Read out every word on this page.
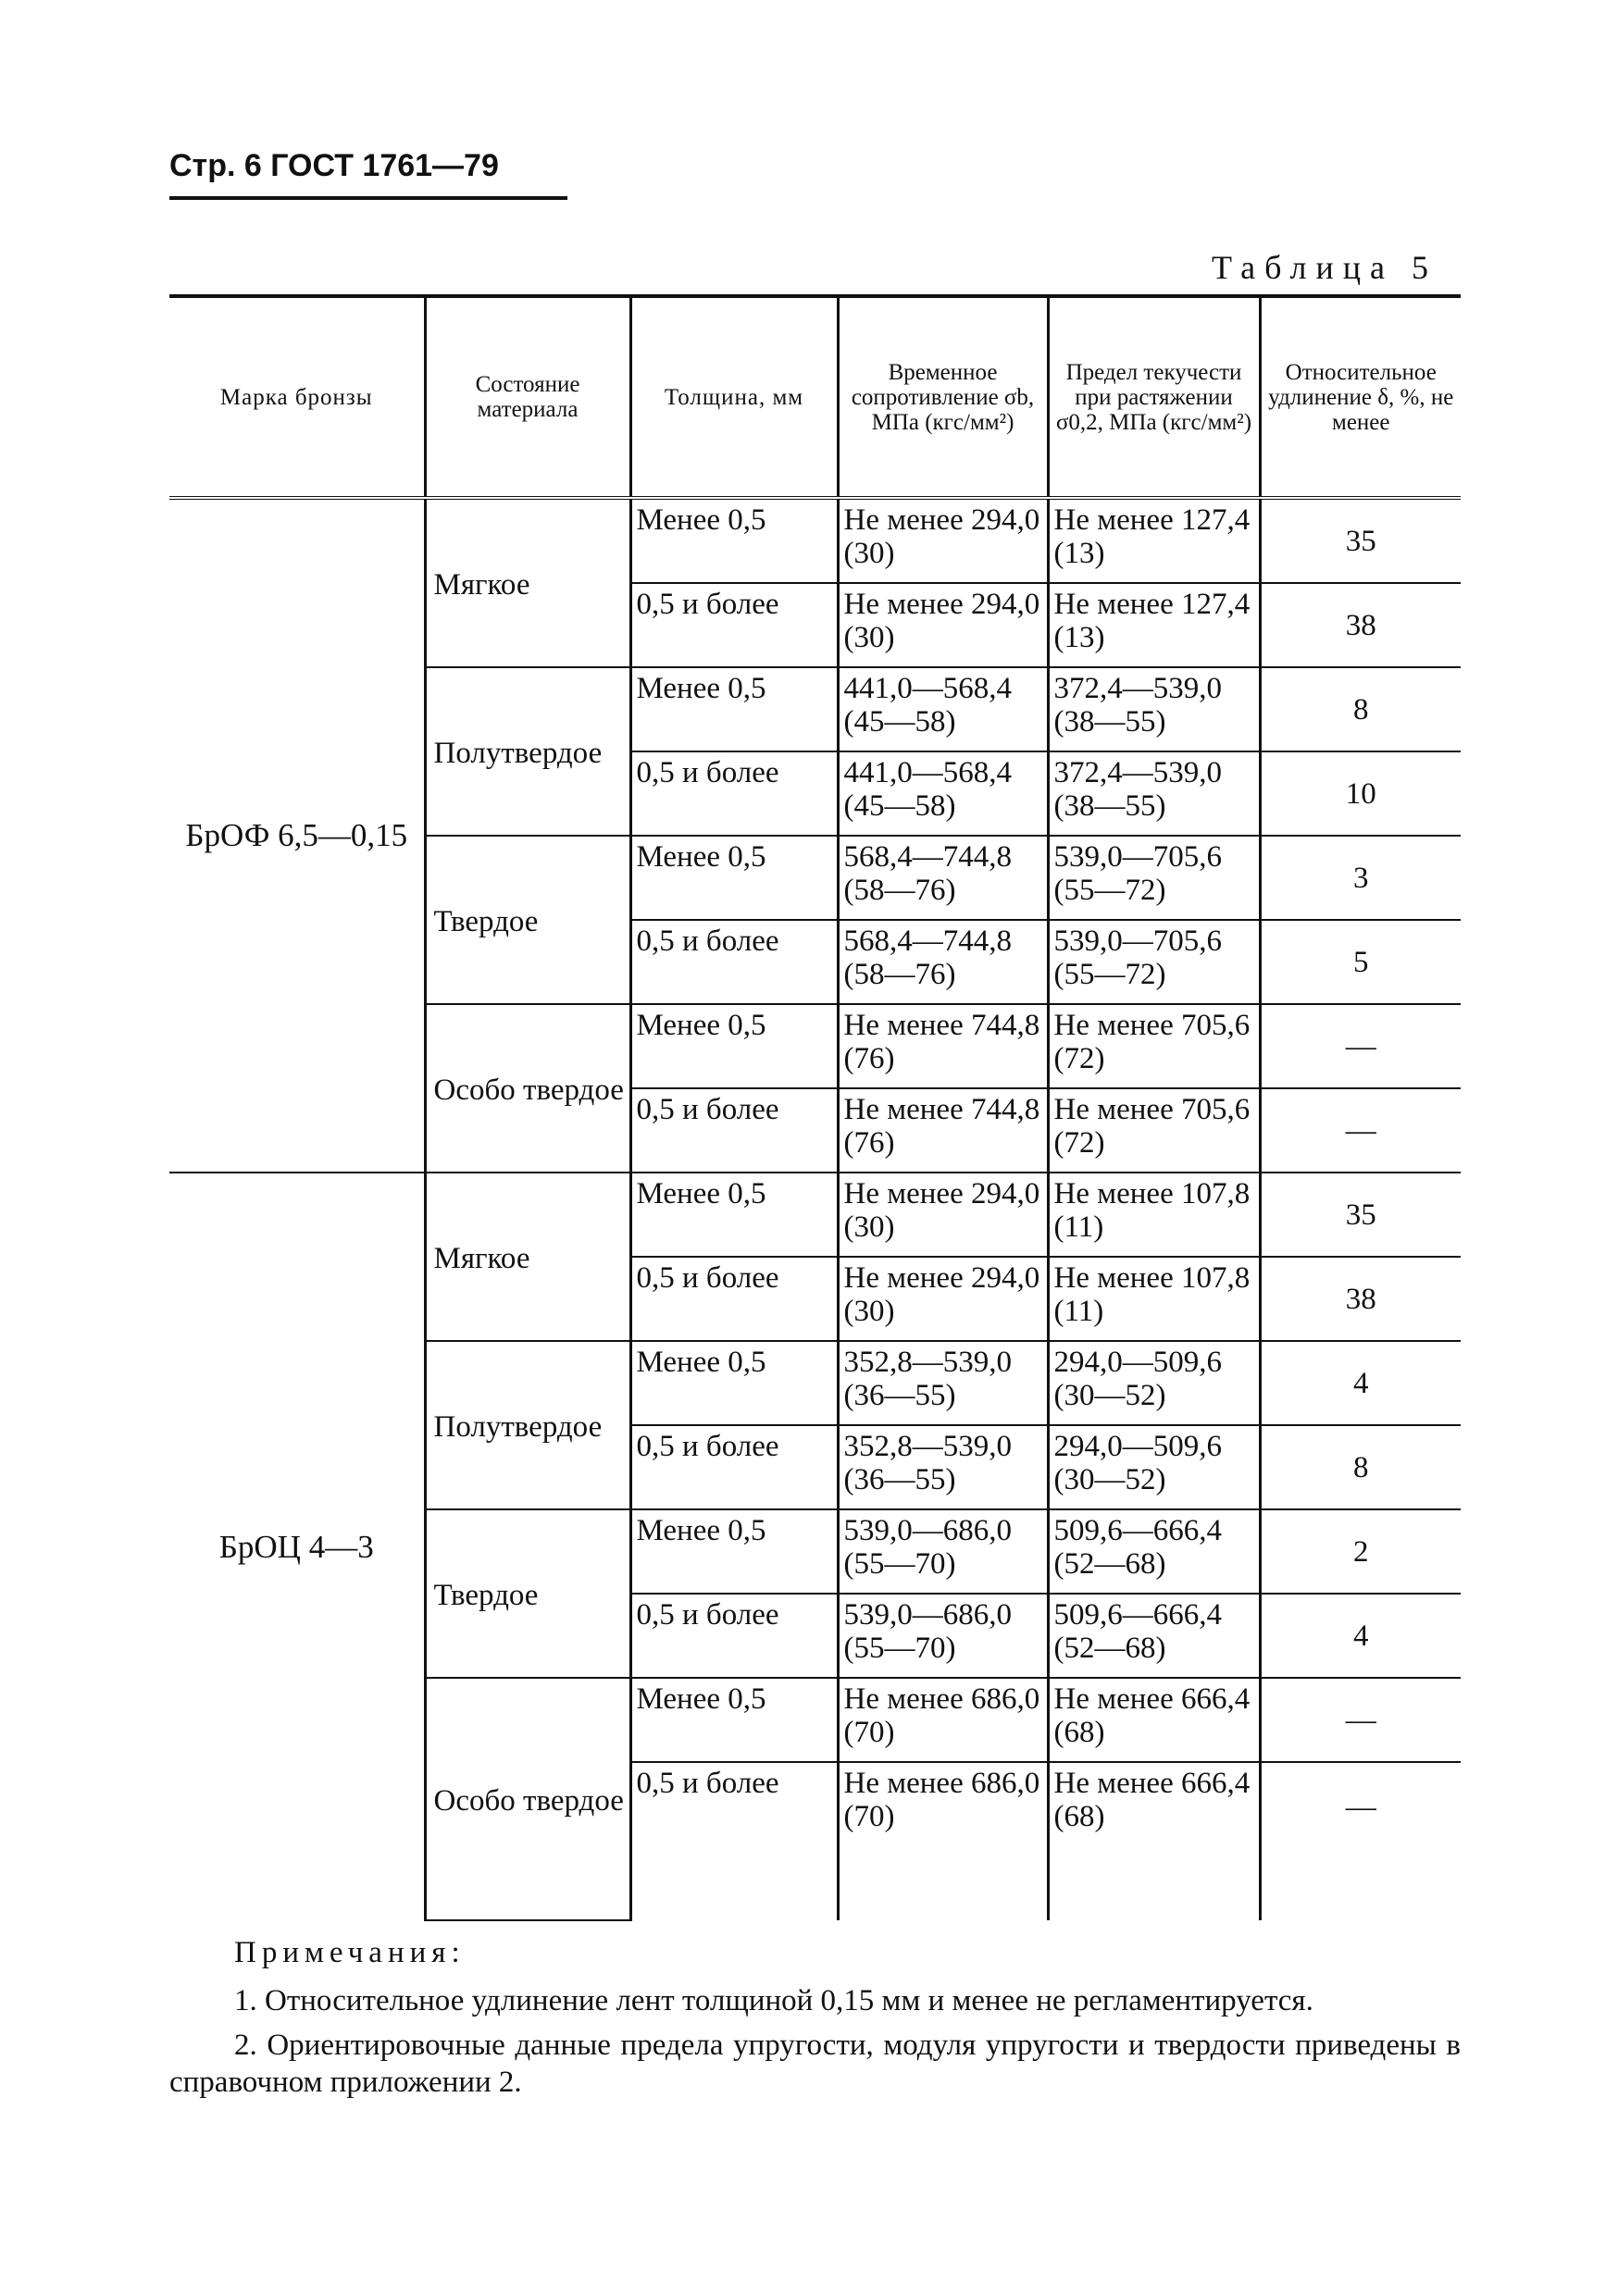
Стр. 6 ГОСТ 1761—79
Таблица 5
Марка бронзы	Состояние материала	Толщина, мм	Временное сопротивление σb, МПа (кгс/мм²)	Предел текучести при растяжении σ0,2, МПа (кгс/мм²)	Относительное удлинение δ, %, не менее
БрОФ 6,5—0,15	Мягкое	Менее 0,5	Не менее 294,0 (30)	Не менее 127,4 (13)	35
		0,5 и более	Не менее 294,0 (30)	Не менее 127,4 (13)	38
	Полутвердое	Менее 0,5	441,0—568,4 (45—58)	372,4—539,0 (38—55)	8
		0,5 и более	441,0—568,4 (45—58)	372,4—539,0 (38—55)	10
	Твердое	Менее 0,5	568,4—744,8 (58—76)	539,0—705,6 (55—72)	3
		0,5 и более	568,4—744,8 (58—76)	539,0—705,6 (55—72)	5
	Особо твердое	Менее 0,5	Не менее 744,8 (76)	Не менее 705,6 (72)	—
		0,5 и более	Не менее 744,8 (76)	Не менее 705,6 (72)	—
БрОЦ 4—3	Мягкое	Менее 0,5	Не менее 294,0 (30)	Не менее 107,8 (11)	35
		0,5 и более	Не менее 294,0 (30)	Не менее 107,8 (11)	38
	Полутвердое	Менее 0,5	352,8—539,0 (36—55)	294,0—509,6 (30—52)	4
		0,5 и более	352,8—539,0 (36—55)	294,0—509,6 (30—52)	8
	Твердое	Менее 0,5	539,0—686,0 (55—70)	509,6—666,4 (52—68)	2
		0,5 и более	539,0—686,0 (55—70)	509,6—666,4 (52—68)	4
	Особо твердое	Менее 0,5	Не менее 686,0 (70)	Не менее 666,4 (68)	—
		0,5 и более	Не менее 686,0 (70)	Не менее 666,4 (68)	—
Примечания:
1. Относительное удлинение лент толщиной 0,15 мм и менее не регламентируется.
2. Ориентировочные данные предела упругости, модуля упругости и твердости приведены в справочном приложении 2.
